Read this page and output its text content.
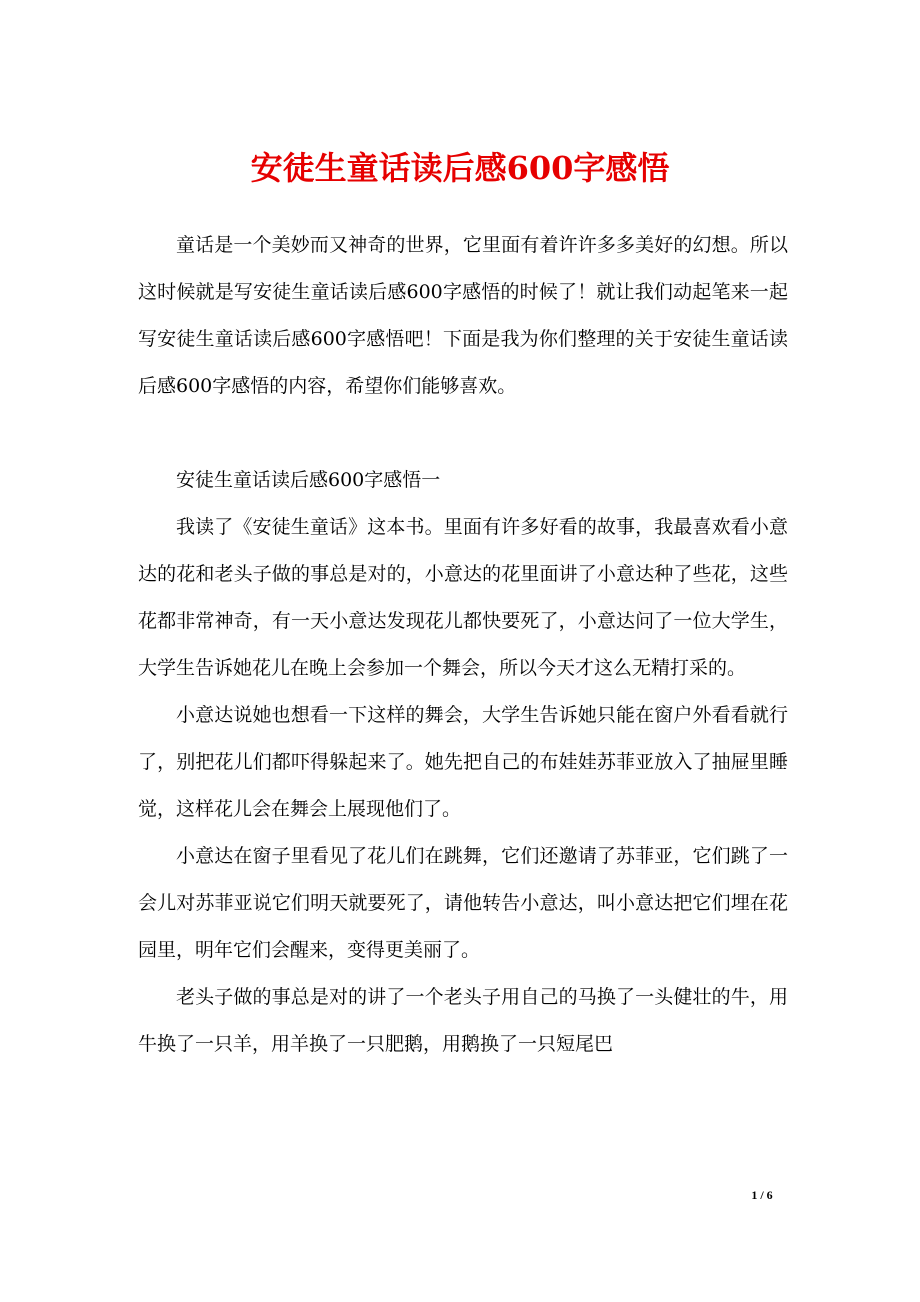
安徒生童话读后感600字感悟

童话是一个美妙而又神奇的世界，它里面有着许许多多美好的幻想。所以这时候就是写安徒生童话读后感600字感悟的时候了！就让我们动起笔来一起写安徒生童话读后感600字感悟吧！下面是我为你们整理的关于安徒生童话读后感600字感悟的内容，希望你们能够喜欢。

安徒生童话读后感600字感悟一

我读了《安徒生童话》这本书。里面有许多好看的故事，我最喜欢看小意达的花和老头子做的事总是对的，小意达的花里面讲了小意达种了些花，这些花都非常神奇，有一天小意达发现花儿都快要死了，小意达问了一位大学生，大学生告诉她花儿在晚上会参加一个舞会，所以今天才这么无精打采的。

小意达说她也想看一下这样的舞会，大学生告诉她只能在窗户外看看就行了，别把花儿们都吓得躲起来了。她先把自己的布娃娃苏菲亚放入了抽屉里睡觉，这样花儿会在舞会上展现他们了。

小意达在窗子里看见了花儿们在跳舞，它们还邀请了苏菲亚，它们跳了一会儿对苏菲亚说它们明天就要死了，请他转告小意达，叫小意达把它们埋在花园里，明年它们会醒来，变得更美丽了。

老头子做的事总是对的讲了一个老头子用自己的马换了一头健壮的牛，用牛换了一只羊，用羊换了一只肥鹅，用鹅换了一只短尾巴

1 / 6
